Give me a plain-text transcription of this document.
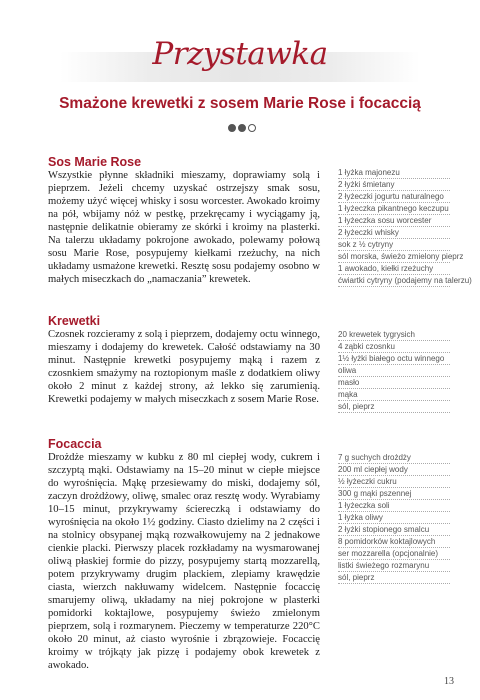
Przystawka
Smażone krewetki z sosem Marie Rose i focaccią
Sos Marie Rose
Wszystkie płynne składniki mieszamy, doprawiamy solą i pieprzem. Jeżeli chcemy uzyskać ostrzejszy smak sosu, możemy użyć więcej whisky i sosu worcester. Awokado kroimy na pół, wbijamy nóż w pestkę, przekręcamy i wyciągamy ją, następnie delikatnie obieramy ze skórki i kroimy na plasterki. Na talerzu układamy pokrojone awokado, polewamy połową sosu Marie Rose, posypujemy kiełkami rzeżuchy, na nich układamy usmażone krewetki. Resztę sosu podajemy osobno w małych miseczkach do „namaczania” krewetek.
1 łyżka majonezu
2 łyżki śmietany
2 łyżeczki jogurtu naturalnego
1 łyżeczka pikantnego keczupu
1 łyżeczka sosu worcester
2 łyżeczki whisky
sok z ½ cytryny
sól morska, świeżo zmielony pieprz
1 awokado, kiełki rzeżuchy
ćwiartki cytryny (podajemy na talerzu)
Krewetki
Czosnek rozcieramy z solą i pieprzem, dodajemy octu winnego, mieszamy i dodajemy do krewetek. Całość odstawiamy na 30 minut. Następnie krewetki posypujemy mąką i razem z czosnkiem smażymy na roztopionym maśle z dodatkiem oliwy około 2 minut z każdej strony, aż lekko się zarumienią. Krewetki podajemy w małych miseczkach z sosem Marie Rose.
20 krewetek tygrysich
4 ząbki czosnku
1½ łyżki białego octu winnego
oliwa
masło
mąka
sól, pieprz
Focaccia
Drożdże mieszamy w kubku z 80 ml ciepłej wody, cukrem i szczyptą mąki. Odstawiamy na 15–20 minut w ciepłe miejsce do wyrośnięcia. Mąkę przesiewamy do miski, dodajemy sól, zaczyn drożdżowy, oliwę, smalec oraz resztę wody. Wyrabiamy 10–15 minut, przykrywamy ściereczką i odstawiamy do wyrośnięcia na około 1½ godziny. Ciasto dzielimy na 2 części i na stolnicy obsypanej mąką rozwałkowujemy na 2 jednakowe cienkie placki. Pierwszy placek rozkładamy na wysmarowanej oliwą płaskiej formie do pizzy, posypujemy startą mozzarellą, potem przykrywamy drugim plackiem, zlepiamy krawędzie ciasta, wierzch nakłuwamy widelcem. Następnie focaccię smarujemy oliwą, układamy na niej pokrojone w plasterki pomidorki koktajlowe, posypujemy świeżo zmielonym pieprzem, solą i rozmarynem. Pieczemy w temperaturze 220°C około 20 minut, aż ciasto wyrośnie i zbrązowieje. Focaccię kroimy w trójkąty jak pizzę i podajemy obok krewetek z awokado.
7 g suchych drożdży
200 ml ciepłej wody
½ łyżeczki cukru
300 g mąki pszennej
1 łyżeczka soli
1 łyżka oliwy
2 łyżki stopionego smalcu
8 pomidorków koktajlowych
ser mozzarella (opcjonalnie)
listki świeżego rozmarynu
sól, pieprz
13
